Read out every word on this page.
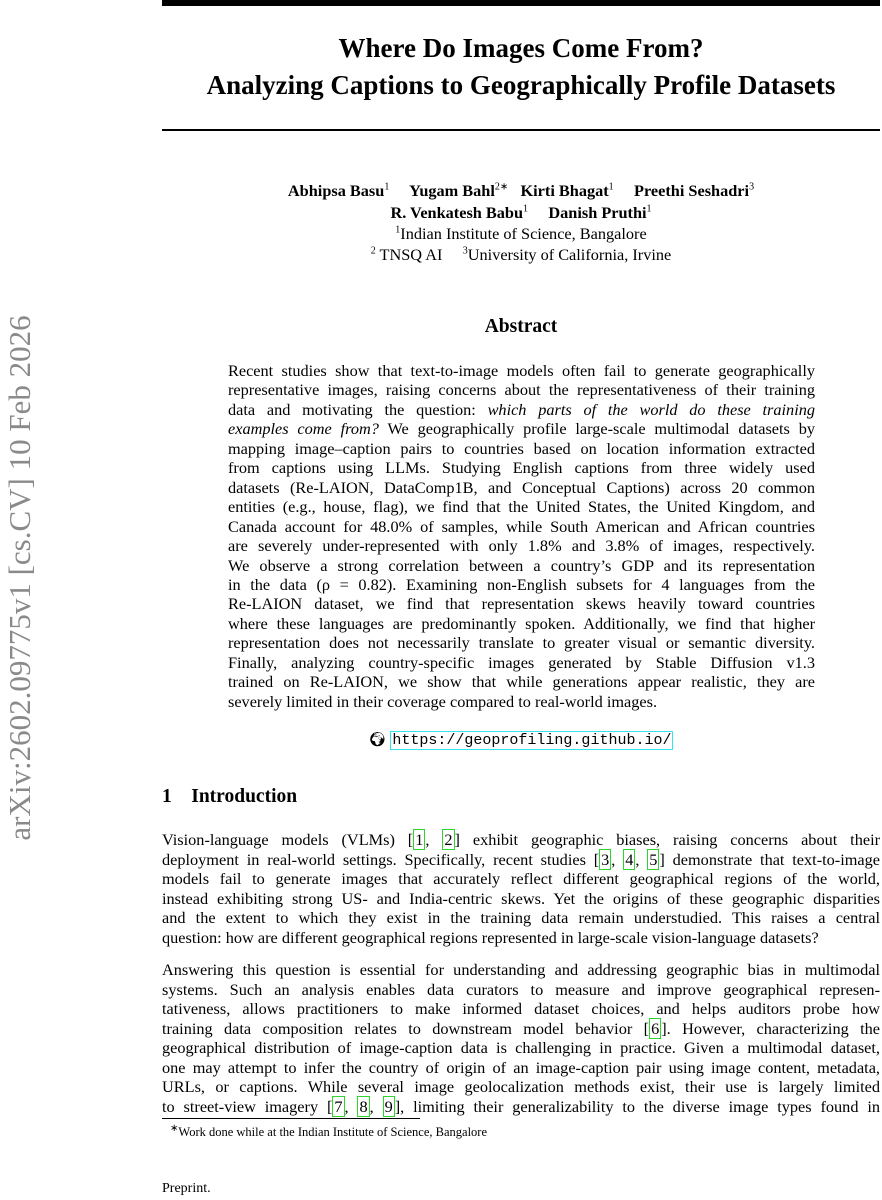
arXiv:2602.09775v1 [cs.CV] 10 Feb 2026
Where Do Images Come From?
Analyzing Captions to Geographically Profile Datasets
Abhipsa Basu$^1$  Yugam Bahl$^{2∗}$  Kirti Bhagat$^1$  Preethi Seshadri$^3$
R. Venkatesh Babu$^1$  Danish Pruthi$^1$
$^1$Indian Institute of Science, Bangalore
$^2$ TNSQ AI  $^3$University of California, Irvine
Abstract
Recent studies show that text-to-image models often fail to generate geographically
representative images, raising concerns about the representativeness of their training
data and motivating the question: which parts of the world do these training
examples come from? We geographically profile large-scale multimodal datasets by
mapping image–caption pairs to countries based on location information extracted
from captions using LLMs. Studying English captions from three widely used
datasets (Re-LAION, DataComp1B, and Conceptual Captions) across 20 common
entities (e.g., house, flag), we find that the United States, the United Kingdom, and
Canada account for 48.0% of samples, while South American and African countries
are severely under-represented with only 1.8% and 3.8% of images, respectively.
We observe a strong correlation between a country’s GDP and its representation
in the data (ρ = 0.82). Examining non-English subsets for 4 languages from the
Re-LAION dataset, we find that representation skews heavily toward countries
where these languages are predominantly spoken. Additionally, we find that higher
representation does not necessarily translate to greater visual or semantic diversity.
Finally, analyzing country-specific images generated by Stable Diffusion v1.3
trained on Re-LAION, we show that while generations appear realistic, they are
severely limited in their coverage compared to real-world images.
🌍︎ https://geoprofiling.github.io/
1  Introduction
Vision-language models (VLMs) [ 1 , 2 ] exhibit geographic biases, raising concerns about their
deployment in real-world settings. Specifically, recent studies [ 3 , 4 , 5 ] demonstrate that text-to-image
models fail to generate images that accurately reflect different geographical regions of the world,
instead exhibiting strong US- and India-centric skews. Yet the origins of these geographic disparities
and the extent to which they exist in the training data remain understudied. This raises a central
question: how are different geographical regions represented in large-scale vision-language datasets?
Answering this question is essential for understanding and addressing geographic bias in multimodal
systems. Such an analysis enables data curators to measure and improve geographical represen-
tativeness, allows practitioners to make informed dataset choices, and helps auditors probe how
training data composition relates to downstream model behavior [ 6 ]. However, characterizing the
geographical distribution of image-caption data is challenging in practice. Given a multimodal dataset,
one may attempt to infer the country of origin of an image-caption pair using image content, metadata,
URLs, or captions. While several image geolocalization methods exist, their use is largely limited
to street-view imagery [ 7 , 8 , 9 ], limiting their generalizability to the diverse image types found in
∗Work done while at the Indian Institute of Science, Bangalore
Preprint.
